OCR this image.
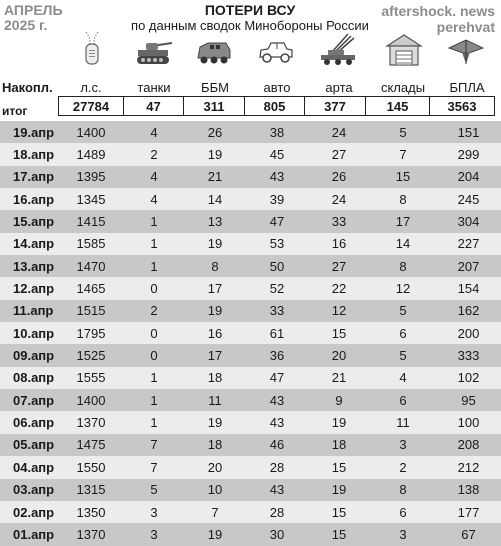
АПРЕЛЬ
2025 г.
ПОТЕРИ ВСУ
по данным сводок Минобороны России
aftershock. news
perehvat
Накопл.	л.с.	танки	ББМ	авто	арта	склады	БПЛА
итог	27784	47	311	805	377	145	3563
19.апр	1400	4	26	38	24	5	151
18.апр	1489	2	19	45	27	7	299
17.апр	1395	4	21	43	26	15	204
16.апр	1345	4	14	39	24	8	245
15.апр	1415	1	13	47	33	17	304
14.апр	1585	1	19	53	16	14	227
13.апр	1470	1	8	50	27	8	207
12.апр	1465	0	17	52	22	12	154
11.апр	1515	2	19	33	12	5	162
10.апр	1795	0	16	61	15	6	200
09.апр	1525	0	17	36	20	5	333
08.апр	1555	1	18	47	21	4	102
07.апр	1400	1	11	43	9	6	95
06.апр	1370	1	19	43	19	11	100
05.апр	1475	7	18	46	18	3	208
04.апр	1550	7	20	28	15	2	212
03.апр	1315	5	10	43	19	8	138
02.апр	1350	3	7	28	15	6	177
01.апр	1370	3	19	30	15	3	67
